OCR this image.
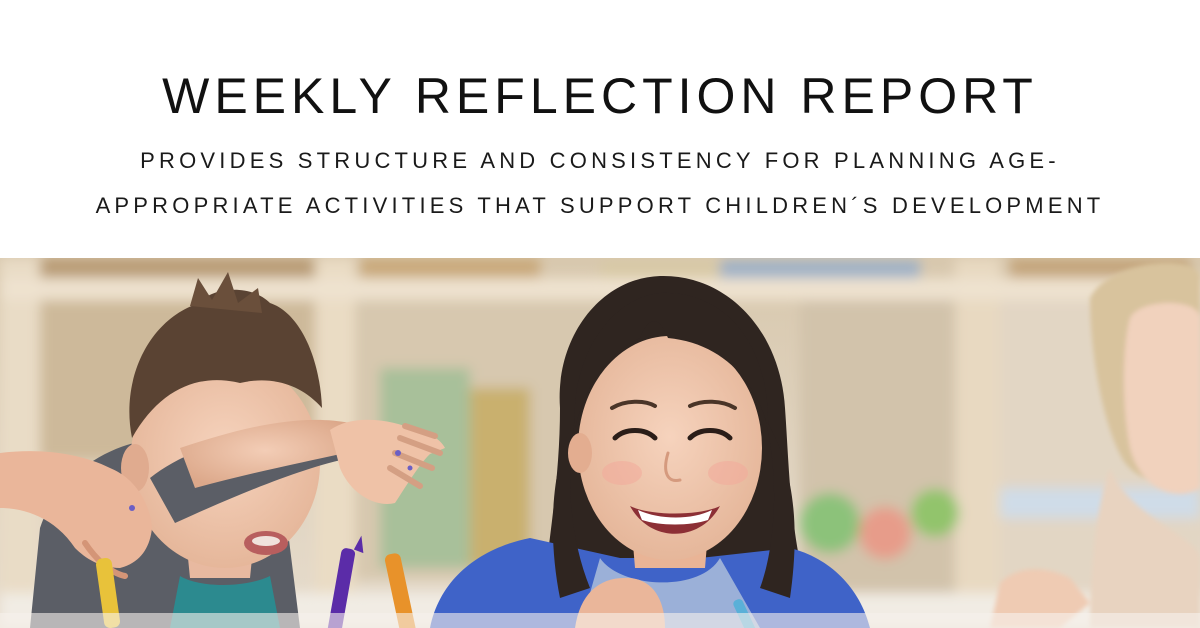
WEEKLY REFLECTION REPORT
PROVIDES STRUCTURE AND CONSISTENCY FOR PLANNING AGE-
APPROPRIATE ACTIVITIES THAT SUPPORT CHILDREN´S DEVELOPMENT
